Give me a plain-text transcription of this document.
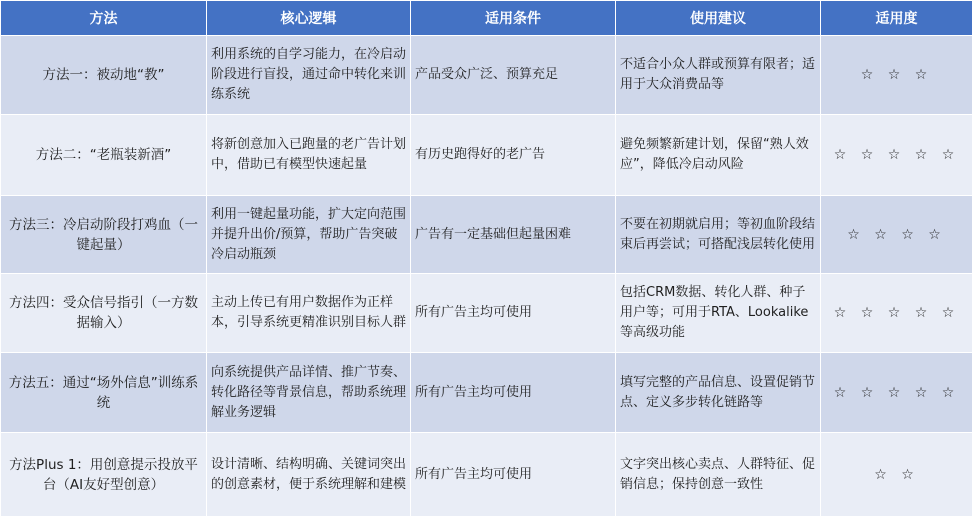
方法	核心逻辑	适用条件	使用建议	适用度
方法一：被动地“教”	利用系统的自学习能力，在冷启动阶段进行盲投，通过命中转化来训练系统	产品受众广泛、预算充足	不适合小众人群或预算有限者；适用于大众消费品等	☆ ☆ ☆
方法二：“老瓶装新酒”	将新创意加入已跑量的老广告计划中，借助已有模型快速起量	有历史跑得好的老广告	避免频繁新建计划，保留“熟人效应”，降低冷启动风险	☆ ☆ ☆ ☆ ☆
方法三：冷启动阶段打鸡血（一键起量）	利用一键起量功能，扩大定向范围并提升出价/预算，帮助广告突破冷启动瓶颈	广告有一定基础但起量困难	不要在初期就启用；等初血阶段结束后再尝试；可搭配浅层转化使用	☆ ☆ ☆ ☆
方法四：受众信号指引（一方数据输入）	主动上传已有用户数据作为正样本，引导系统更精准识别目标人群	所有广告主均可使用	包括CRM数据、转化人群、种子用户等；可用于RTA、Lookalike等高级功能	☆ ☆ ☆ ☆ ☆
方法五：通过“场外信息”训练系统	向系统提供产品详情、推广节奏、转化路径等背景信息，帮助系统理解业务逻辑	所有广告主均可使用	填写完整的产品信息、设置促销节点、定义多步转化链路等	☆ ☆ ☆ ☆ ☆
方法Plus 1：用创意提示投放平台（AI友好型创意）	设计清晰、结构明确、关键词突出的创意素材，便于系统理解和建模	所有广告主均可使用	文字突出核心卖点、人群特征、促销信息；保持创意一致性	☆ ☆
